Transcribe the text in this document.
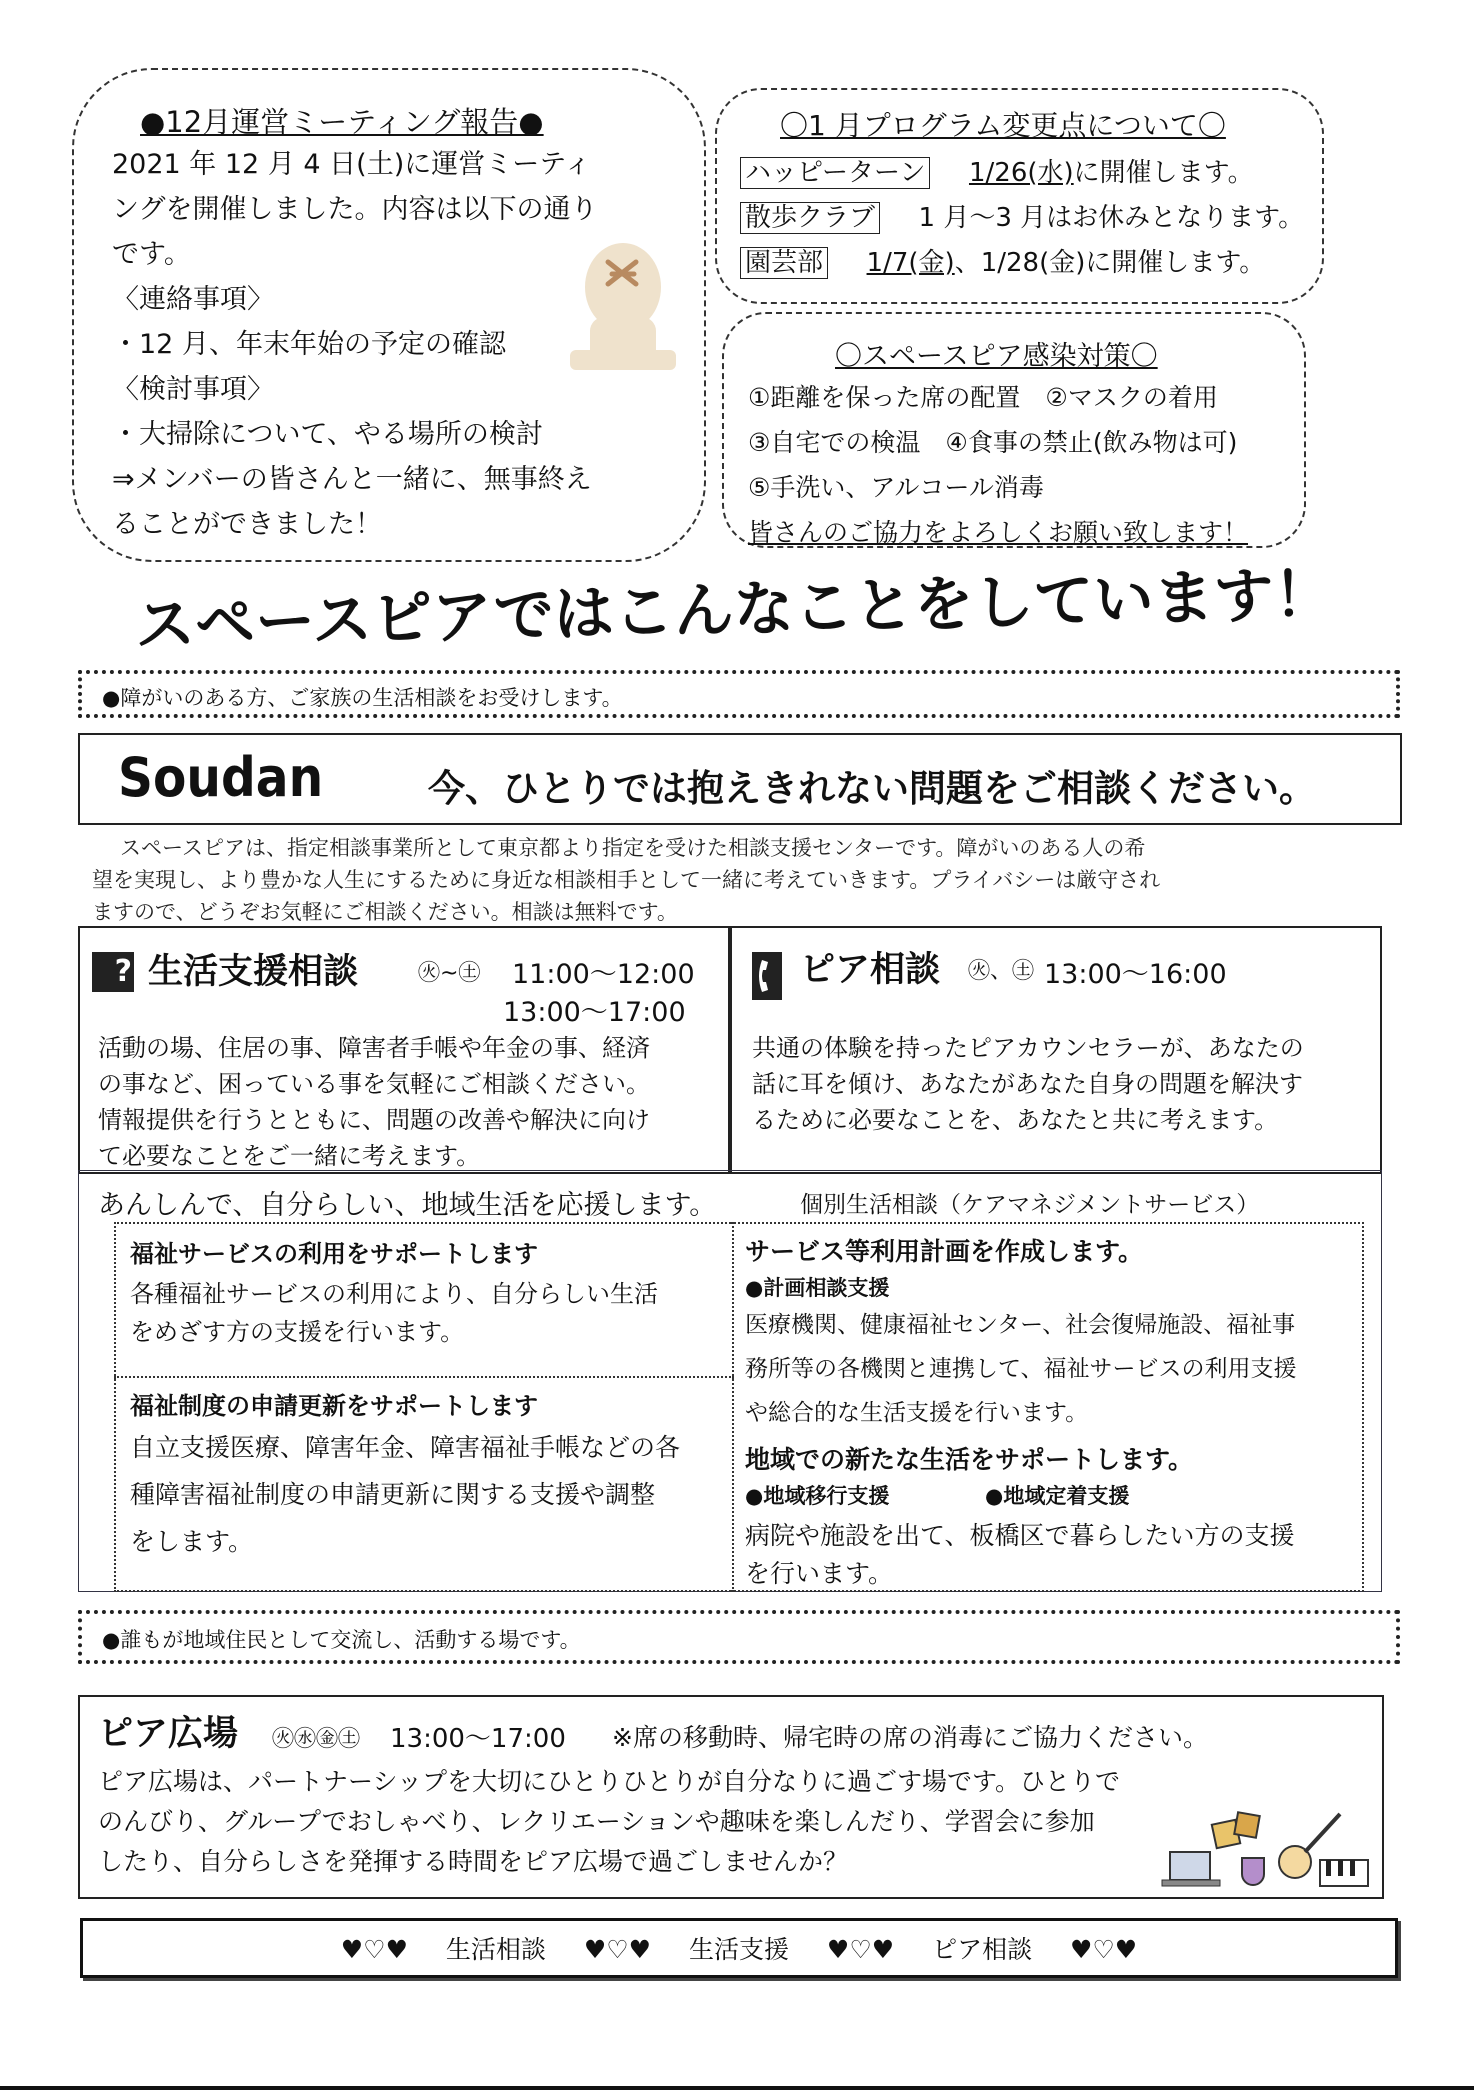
●12月運営ミーティング報告●
2021 年 12 月 4 日(土)に運営ミーティ
ングを開催しました。内容は以下の通り
です。
〈連絡事項〉
・12 月、年末年始の予定の確認
〈検討事項〉
・大掃除について、やる場所の検討
⇒メンバーの皆さんと一緒に、無事終え
ることができました！
〇1 月プログラム変更点について〇
ハッピーターン 1/26(水)に開催します。
散歩クラブ 1 月～3 月はお休みとなります。
園芸部 1/7(金)、1/28(金)に開催します。
〇スペースピア感染対策〇
①距離を保った席の配置　②マスクの着用
③自宅での検温　④食事の禁止(飲み物は可)
⑤手洗い、アルコール消毒
皆さんのご協力をよろしくお願い致します！
スペースピアではこんなことをしています！
●障がいのある方、ご家族の生活相談をお受けします。
Soudan	今、ひとりでは抱えきれない問題をご相談ください。
スペースピアは、指定相談事業所として東京都より指定を受けた相談支援センターです。障がいのある人の希
望を実現し、より豊かな人生にするために身近な相談相手として一緒に考えていきます。プライバシーは厳守され
ますので、どうぞお気軽にご相談ください。相談は無料です。
? 生活支援相談	㊋~㊏ 11:00～12:00
13:00～17:00
活動の場、住居の事、障害者手帳や年金の事、経済
の事など、困っている事を気軽にご相談ください。
情報提供を行うとともに、問題の改善や解決に向け
て必要なことをご一緒に考えます。
ピア相談 ㊋、㊏ 13:00～16:00
共通の体験を持ったピアカウンセラーが、あなたの
話に耳を傾け、あなたがあなた自身の問題を解決す
るために必要なことを、あなたと共に考えます。
あんしんで、自分らしい、地域生活を応援します。	個別生活相談（ケアマネジメントサービス）
福祉サービスの利用をサポートします
各種福祉サービスの利用により、自分らしい生活
をめざす方の支援を行います。
福祉制度の申請更新をサポートします
自立支援医療、障害年金、障害福祉手帳などの各
種障害福祉制度の申請更新に関する支援や調整
をします。
サービス等利用計画を作成します。
●計画相談支援
医療機関、健康福祉センター、社会復帰施設、福祉事
務所等の各機関と連携して、福祉サービスの利用支援
や総合的な生活支援を行います。
地域での新たな生活をサポートします。
●地域移行支援	●地域定着支援
病院や施設を出て、板橋区で暮らしたい方の支援
を行います。
●誰もが地域住民として交流し、活動する場です。
ピア広場 ㊋㊌㊎㊏ 13:00～17:00 ※席の移動時、帰宅時の席の消毒にご協力ください。
ピア広場は、パートナーシップを大切にひとりひとりが自分なりに過ごす場です。ひとりで
のんびり、グループでおしゃべり、レクリエーションや趣味を楽しんだり、学習会に参加
したり、自分らしさを発揮する時間をピア広場で過ごしませんか？
♥♡♥ 生活相談 ♥♡♥ 生活支援 ♥♡♥ ピア相談 ♥♡♥
